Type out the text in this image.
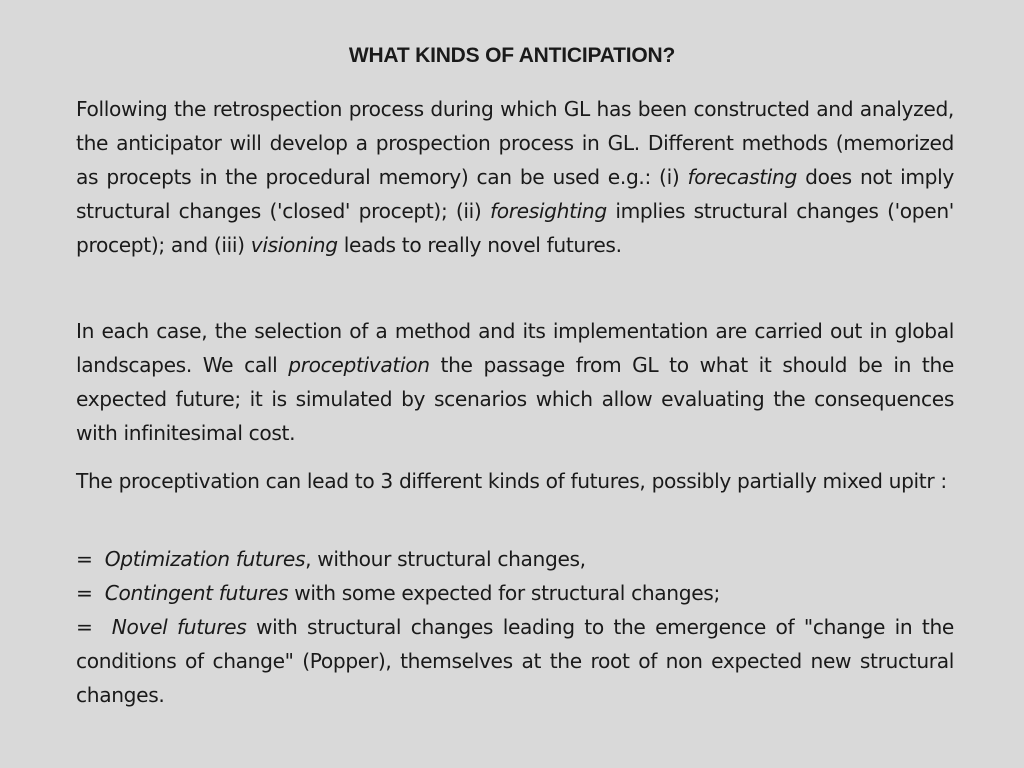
WHAT KINDS OF ANTICIPATION?

Following the retrospection process during which GL has been constructed and analyzed, the anticipator will develop a prospection process in GL. Different methods (memorized as procepts in the procedural memory) can be used e.g.: (i) forecasting does not imply structural changes ('closed' procept); (ii) foresighting implies structural changes ('open' procept); and (iii) visioning leads to really novel futures.

In each case, the selection of a method and its implementation are carried out in global landscapes. We call proceptivation the passage from GL to what it should be in the expected future; it is simulated by scenarios which allow evaluating the consequences with infinitesimal cost.

The proceptivation can lead to 3 different kinds of futures, possibly partially mixed upitr :

=  Optimization futures, withour structural changes,
=  Contingent futures with some expected for structural changes;
=  Novel futures with structural changes leading to the emergence of "change in the conditions of change" (Popper), themselves at the root of non expected new structural changes.
